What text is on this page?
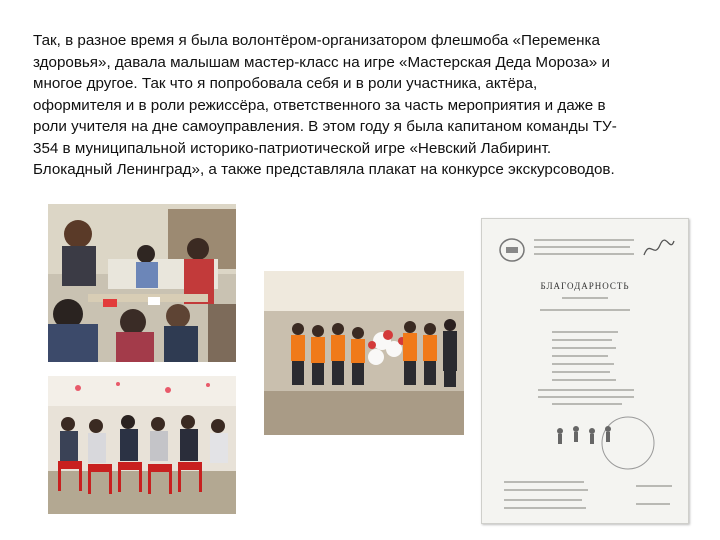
Так, в разное время я была волонтёром-организатором флешмоба «Переменка
здоровья», давала малышам мастер-класс на игре «Мастерская Деда Мороза» и
многое другое. Так что я попробовала себя и в роли участника, актёра,
оформителя и в роли режиссёра, ответственного за часть мероприятия и даже в
роли учителя на дне самоуправления. В этом году я была капитаном команды ТУ-
354 в муниципальной историко-патриотической игре «Невский Лабиринт.
Блокадный Ленинград», а также представляла плакат на конкурсе экскурсоводов.

БЛАГОДАРНОСТЬ
